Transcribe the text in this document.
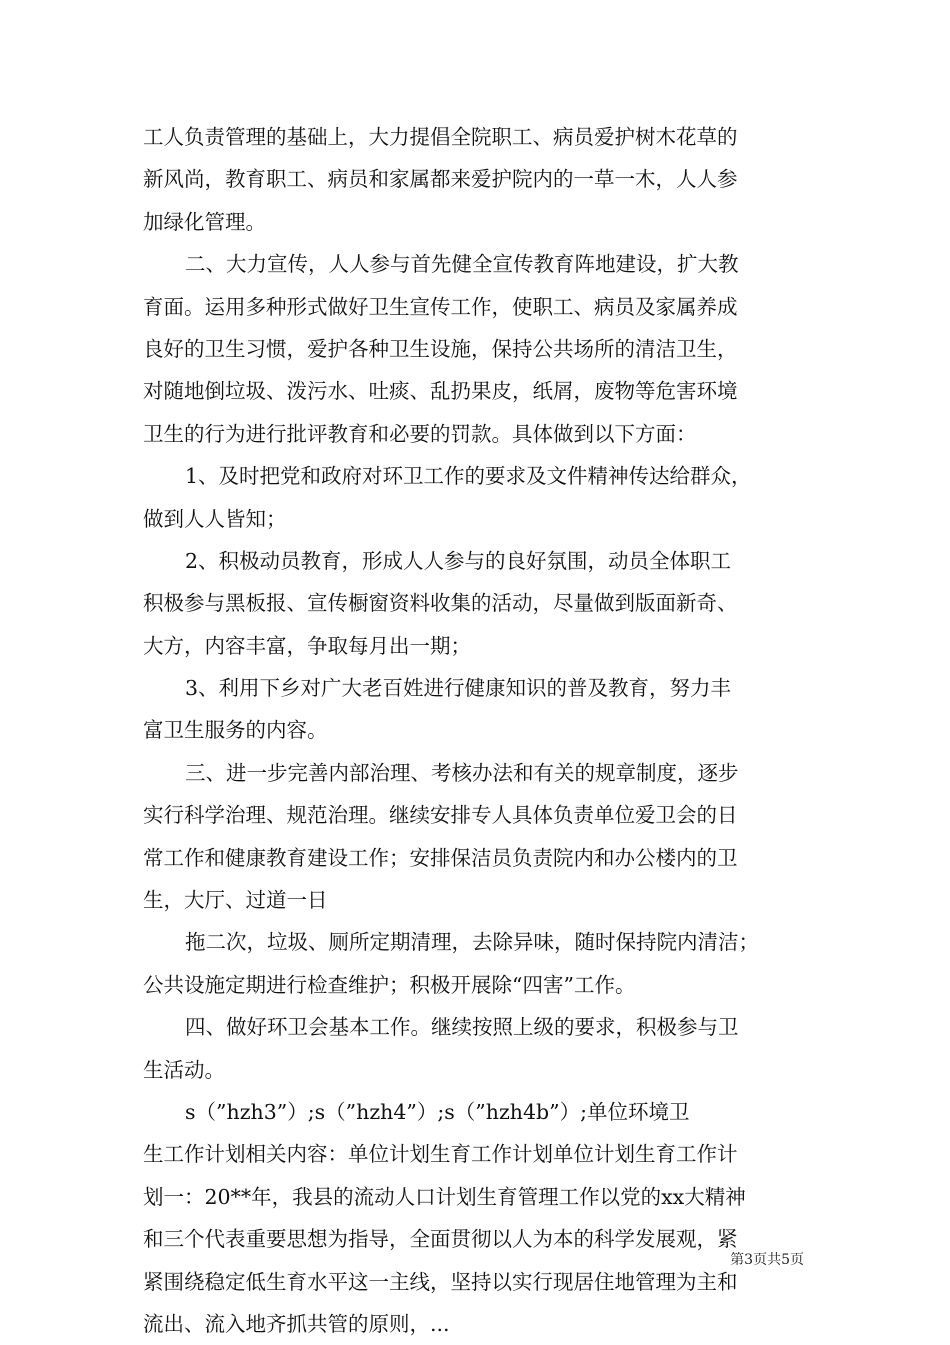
工人负责管理的基础上，大力提倡全院职工、病员爱护树木花草的
新风尚，教育职工、病员和家属都来爱护院内的一草一木，人人参
加绿化管理。
二、大力宣传，人人参与首先健全宣传教育阵地建设，扩大教
育面。运用多种形式做好卫生宣传工作，使职工、病员及家属养成
良好的卫生习惯，爱护各种卫生设施，保持公共场所的清洁卫生，
对随地倒垃圾、泼污水、吐痰、乱扔果皮，纸屑，废物等危害环境
卫生的行为进行批评教育和必要的罚款。具体做到以下方面：
1、及时把党和政府对环卫工作的要求及文件精神传达给群众，
做到人人皆知；
2、积极动员教育，形成人人参与的良好氛围，动员全体职工
积极参与黑板报、宣传橱窗资料收集的活动，尽量做到版面新奇、
大方，内容丰富，争取每月出一期；
3、利用下乡对广大老百姓进行健康知识的普及教育，努力丰
富卫生服务的内容。
三、进一步完善内部治理、考核办法和有关的规章制度，逐步
实行科学治理、规范治理。继续安排专人具体负责单位爱卫会的日
常工作和健康教育建设工作；安排保洁员负责院内和办公楼内的卫
生，大厅、过道一日
拖二次，垃圾、厕所定期清理，去除异味，随时保持院内清洁；
公共设施定期进行检查维护；积极开展除“四害”工作。
四、做好环卫会基本工作。继续按照上级的要求，积极参与卫
生活动。
s（”hzh3”）;s（”hzh4”）;s（”hzh4b”）;单位环境卫
生工作计划相关内容：单位计划生育工作计划单位计划生育工作计
划一：20**年，我县的流动人口计划生育管理工作以党的xx大精神
和三个代表重要思想为指导，全面贯彻以人为本的科学发展观，紧
紧围绕稳定低生育水平这一主线，坚持以实行现居住地管理为主和
流出、流入地齐抓共管的原则，...
第3页共5页
